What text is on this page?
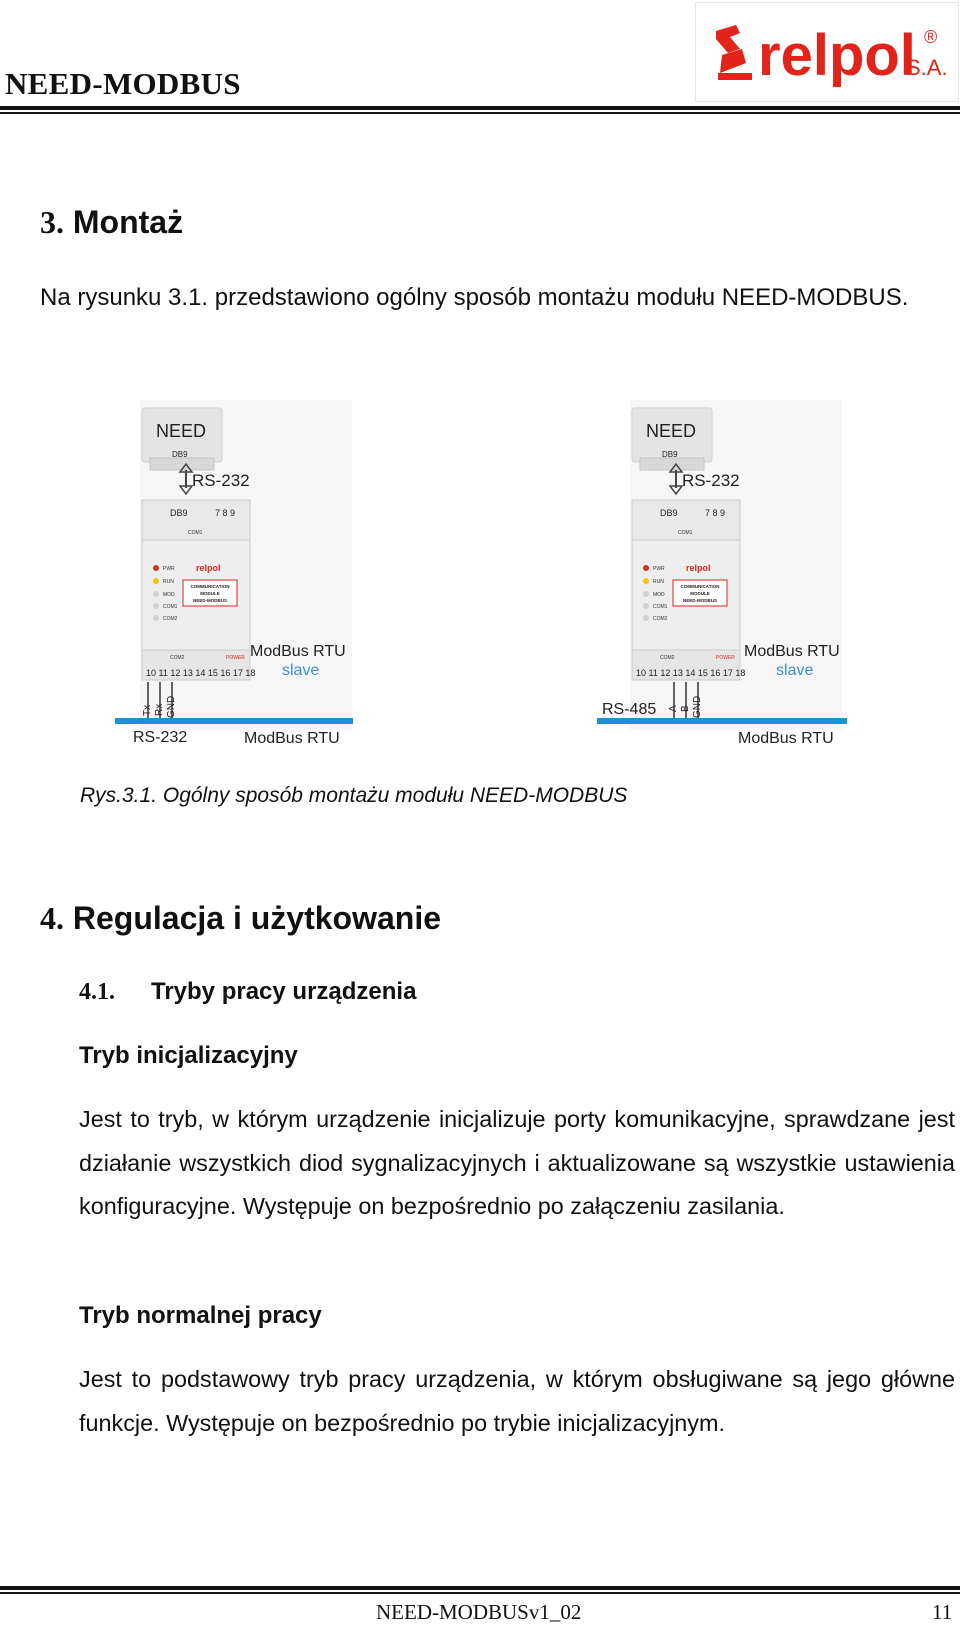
NEED-MODBUS	relpol
S.A.
®
3. Montaż
Na rysunku 3.1. przedstawiono ogólny sposób montażu modułu NEED-MODBUS.
NEED
DB9
RS-232
DB9	7 8 9
COM1
PWR
RUN
MOD
COM1
COM2
relpol
COMMUNICATION
MODULE
NEED-MODBUS
COM2	POWER
10 11 12 13 14 15 16 17 18
ModBus RTU
slave
Tx Rx GND
RS-232	ModBus RTU
NEED
DB9
RS-232
DB9	7 8 9
COM1
PWR
RUN
MOD
COM1
COM2
relpol
COMMUNICATION
MODULE
NEED-MODBUS
COM2	POWER
10 11 12 13 14 15 16 17 18
ModBus RTU
slave
RS-485 A B GND
ModBus RTU
Rys.3.1. Ogólny sposób montażu modułu NEED-MODBUS
4. Regulacja i użytkowanie
4.1. Tryby pracy urządzenia
Tryb inicjalizacyjny
Jest to tryb, w którym urządzenie inicjalizuje porty komunikacyjne, sprawdzane jest działanie wszystkich diod sygnalizacyjnych i aktualizowane są wszystkie ustawienia konfiguracyjne. Występuje on bezpośrednio po załączeniu zasilania.
Tryb normalnej pracy
Jest to podstawowy tryb pracy urządzenia, w którym obsługiwane są jego główne funkcje. Występuje on bezpośrednio po trybie inicjalizacyjnym.
NEED-MODBUSv1_02	11
